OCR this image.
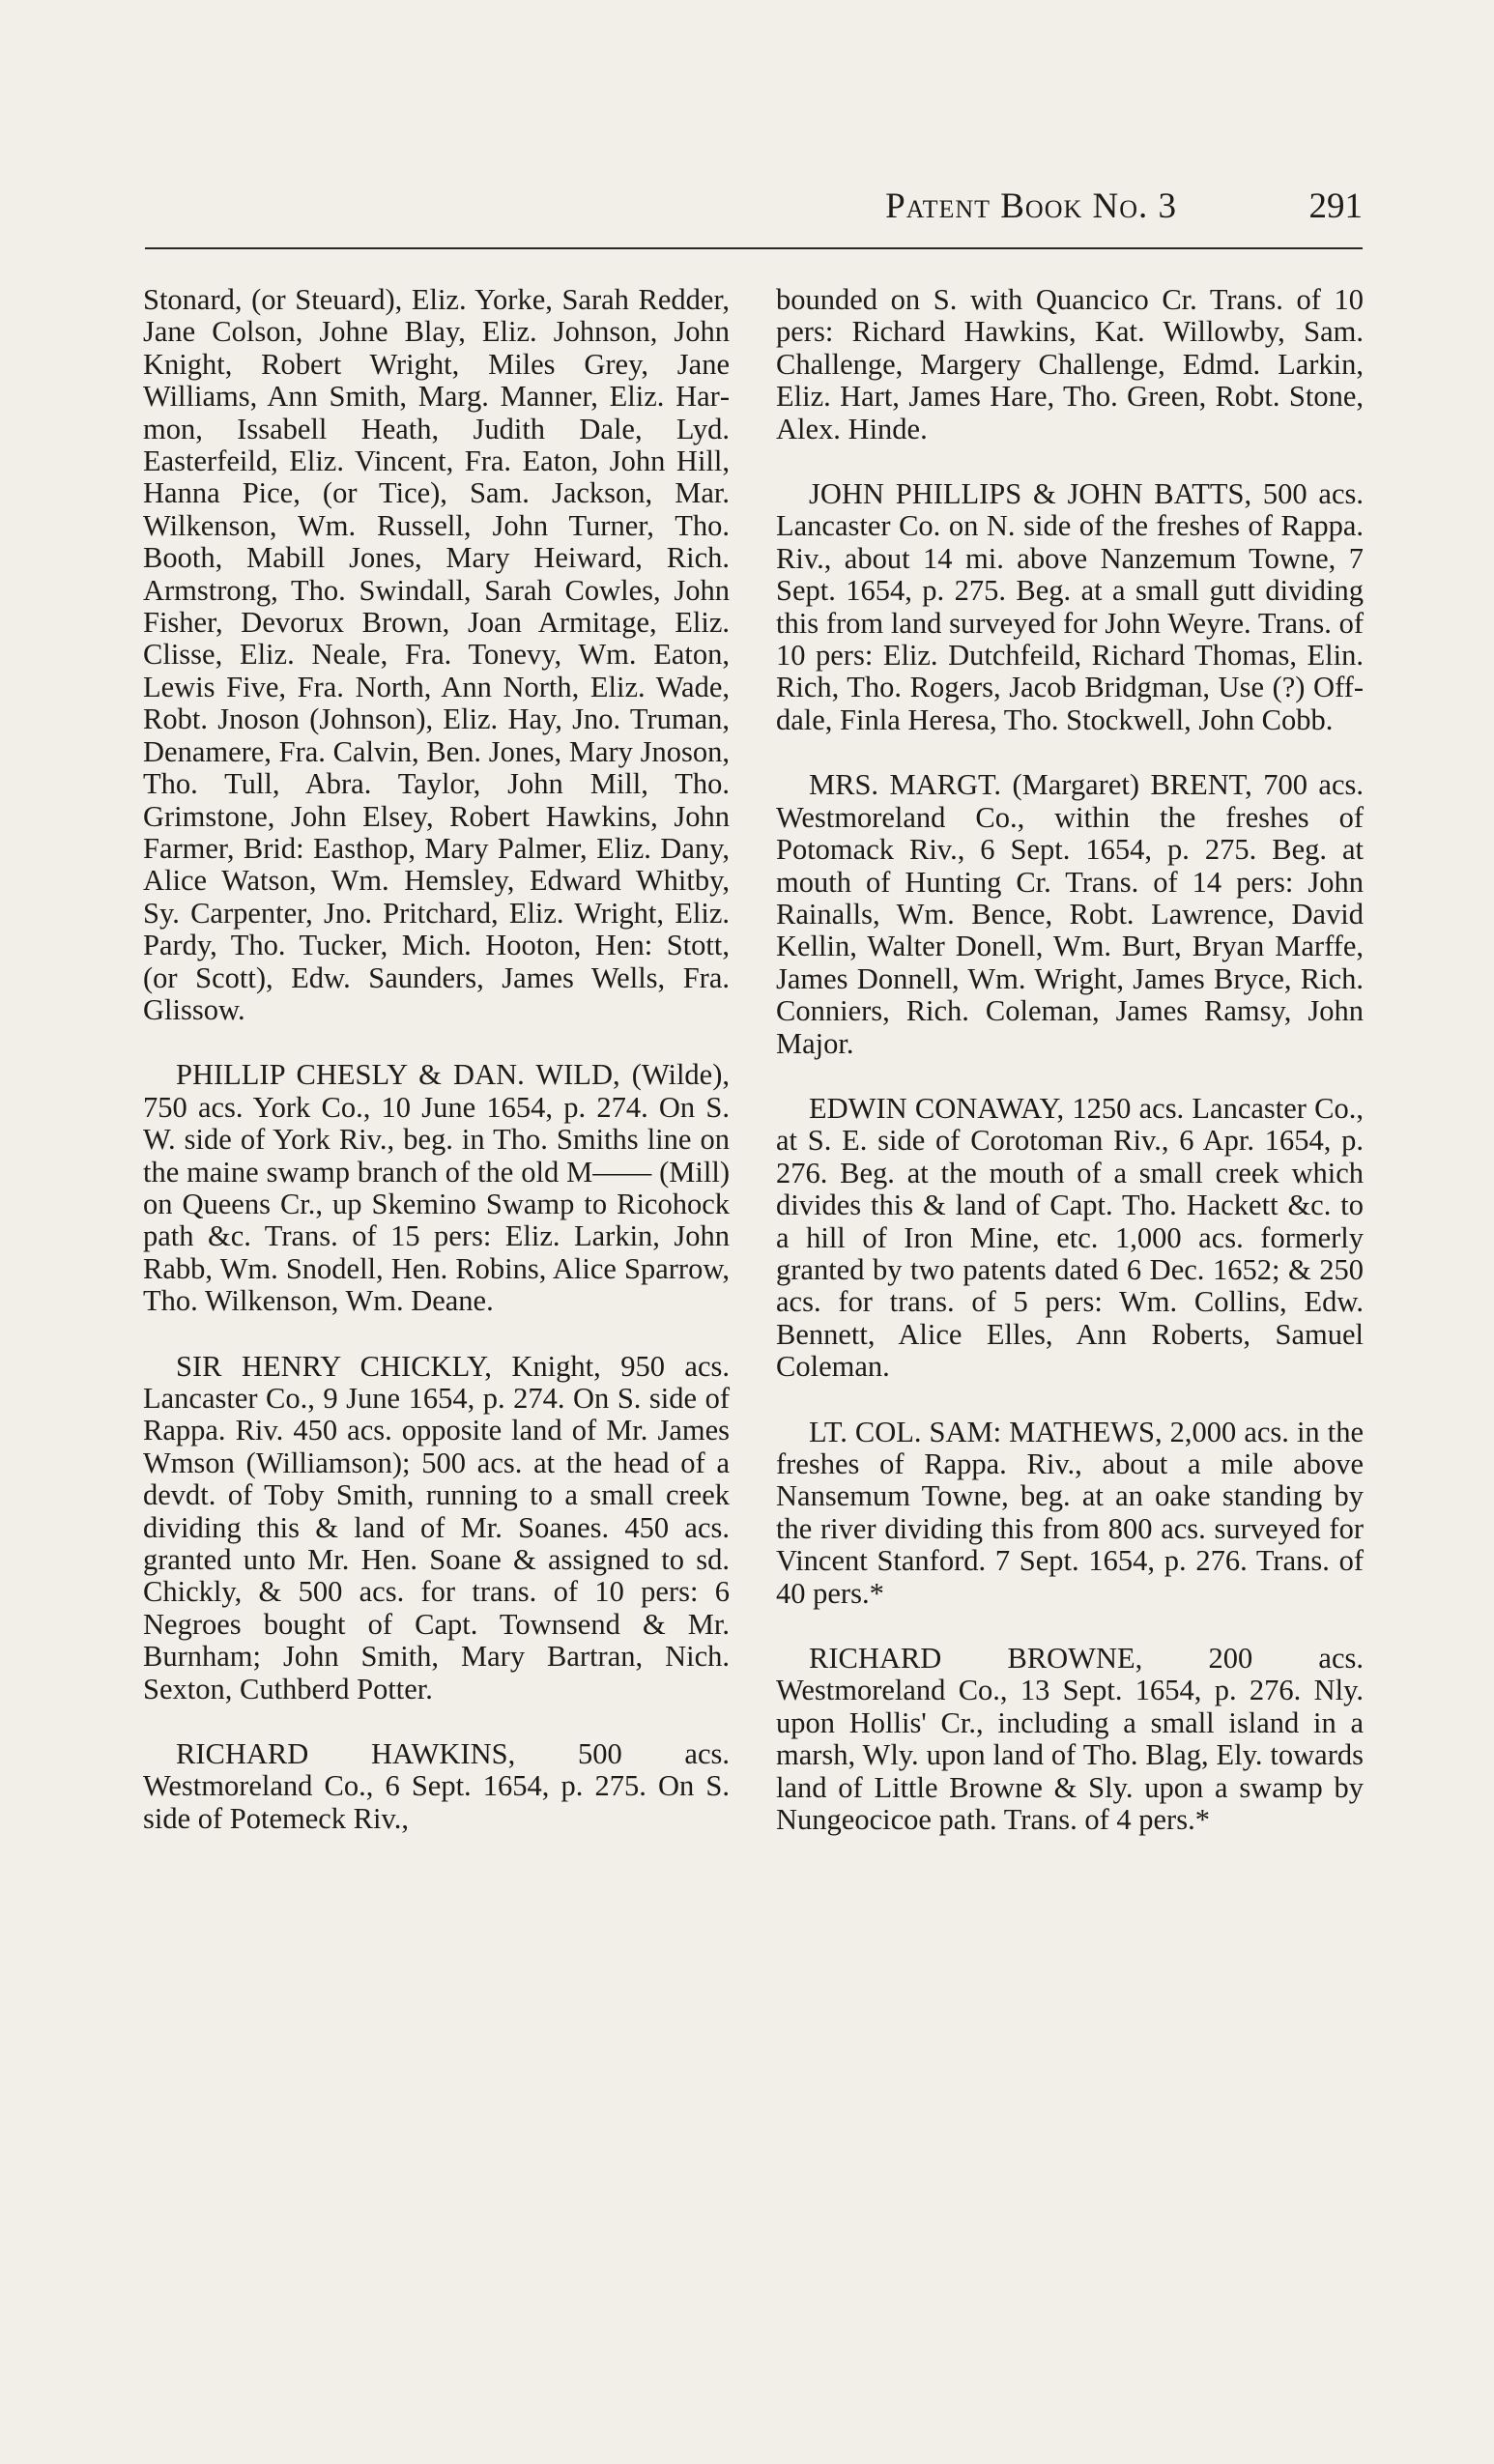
Patent Book No. 3	291

Stonard, (or Steuard), Eliz. Yorke, Sarah Redder, Jane Colson, Johne Blay, Eliz. Johnson, John Knight, Robert Wright, Miles Grey, Jane Williams, Ann Smith, Marg. Manner, Eliz. Harmon, Issabell Heath, Judith Dale, Lyd. Easterfeild, Eliz. Vincent, Fra. Eaton, John Hill, Hanna Pice, (or Tice), Sam. Jackson, Mar. Wilkenson, Wm. Russell, John Turner, Tho. Booth, Mabill Jones, Mary Heiward, Rich. Armstrong, Tho. Swindall, Sarah Cowles, John Fisher, Devorux Brown, Joan Armitage, Eliz. Clisse, Eliz. Neale, Fra. Tonevy, Wm. Eaton, Lewis Five, Fra. North, Ann North, Eliz. Wade, Robt. Jnoson (Johnson), Eliz. Hay, Jno. Truman, Denamere, Fra. Calvin, Ben. Jones, Mary Jnoson, Tho. Tull, Abra. Taylor, John Mill, Tho. Grimstone, John Elsey, Robert Hawkins, John Farmer, Brid: Easthop, Mary Palmer, Eliz. Dany, Alice Watson, Wm. Hemsley, Edward Whitby, Sy. Carpenter, Jno. Pritchard, Eliz. Wright, Eliz. Pardy, Tho. Tucker, Mich. Hooton, Hen: Stott, (or Scott), Edw. Saunders, James Wells, Fra. Glissow.

PHILLIP CHESLY & DAN. WILD, (Wilde), 750 acs. York Co., 10 June 1654, p. 274. On S. W. side of York Riv., beg. in Tho. Smiths line on the maine swamp branch of the old M—— (Mill) on Queens Cr., up Skemino Swamp to Ricohock path &c. Trans. of 15 pers: Eliz. Larkin, John Rabb, Wm. Snodell, Hen. Robins, Alice Sparrow, Tho. Wilkenson, Wm. Deane.

SIR HENRY CHICKLY, Knight, 950 acs. Lancaster Co., 9 June 1654, p. 274. On S. side of Rappa. Riv. 450 acs. opposite land of Mr. James Wmson (Williamson); 500 acs. at the head of a devdt. of Toby Smith, running to a small creek dividing this & land of Mr. Soanes. 450 acs. granted unto Mr. Hen. Soane & assigned to sd. Chickly, & 500 acs. for trans. of 10 pers: 6 Negroes bought of Capt. Townsend & Mr. Burnham; John Smith, Mary Bartran, Nich. Sexton, Cuthberd Potter.

RICHARD HAWKINS, 500 acs. Westmoreland Co., 6 Sept. 1654, p. 275. On S. side of Potemeck Riv.,

bounded on S. with Quancico Cr. Trans. of 10 pers: Richard Hawkins, Kat. Willowby, Sam. Challenge, Margery Challenge, Edmd. Larkin, Eliz. Hart, James Hare, Tho. Green, Robt. Stone, Alex. Hinde.

JOHN PHILLIPS & JOHN BATTS, 500 acs. Lancaster Co. on N. side of the freshes of Rappa. Riv., about 14 mi. above Nanzemum Towne, 7 Sept. 1654, p. 275. Beg. at a small gutt dividing this from land surveyed for John Weyre. Trans. of 10 pers: Eliz. Dutchfeild, Richard Thomas, Elin. Rich, Tho. Rogers, Jacob Bridgman, Use (?) Offdale, Finla Heresa, Tho. Stockwell, John Cobb.

MRS. MARGT. (Margaret) BRENT, 700 acs. Westmoreland Co., within the freshes of Potomack Riv., 6 Sept. 1654, p. 275. Beg. at mouth of Hunting Cr. Trans. of 14 pers: John Rainalls, Wm. Bence, Robt. Lawrence, David Kellin, Walter Donell, Wm. Burt, Bryan Marffe, James Donnell, Wm. Wright, James Bryce, Rich. Conniers, Rich. Coleman, James Ramsy, John Major.

EDWIN CONAWAY, 1250 acs. Lancaster Co., at S. E. side of Corotoman Riv., 6 Apr. 1654, p. 276. Beg. at the mouth of a small creek which divides this & land of Capt. Tho. Hackett &c. to a hill of Iron Mine, etc. 1,000 acs. formerly granted by two patents dated 6 Dec. 1652; & 250 acs. for trans. of 5 pers: Wm. Collins, Edw. Bennett, Alice Elles, Ann Roberts, Samuel Coleman.

LT. COL. SAM: MATHEWS, 2,000 acs. in the freshes of Rappa. Riv., about a mile above Nansemum Towne, beg. at an oake standing by the river dividing this from 800 acs. surveyed for Vincent Stanford. 7 Sept. 1654, p. 276. Trans. of 40 pers.*

RICHARD BROWNE, 200 acs. Westmoreland Co., 13 Sept. 1654, p. 276. Nly. upon Hollis' Cr., including a small island in a marsh, Wly. upon land of Tho. Blag, Ely. towards land of Little Browne & Sly. upon a swamp by Nungeocicoe path. Trans. of 4 pers.*
